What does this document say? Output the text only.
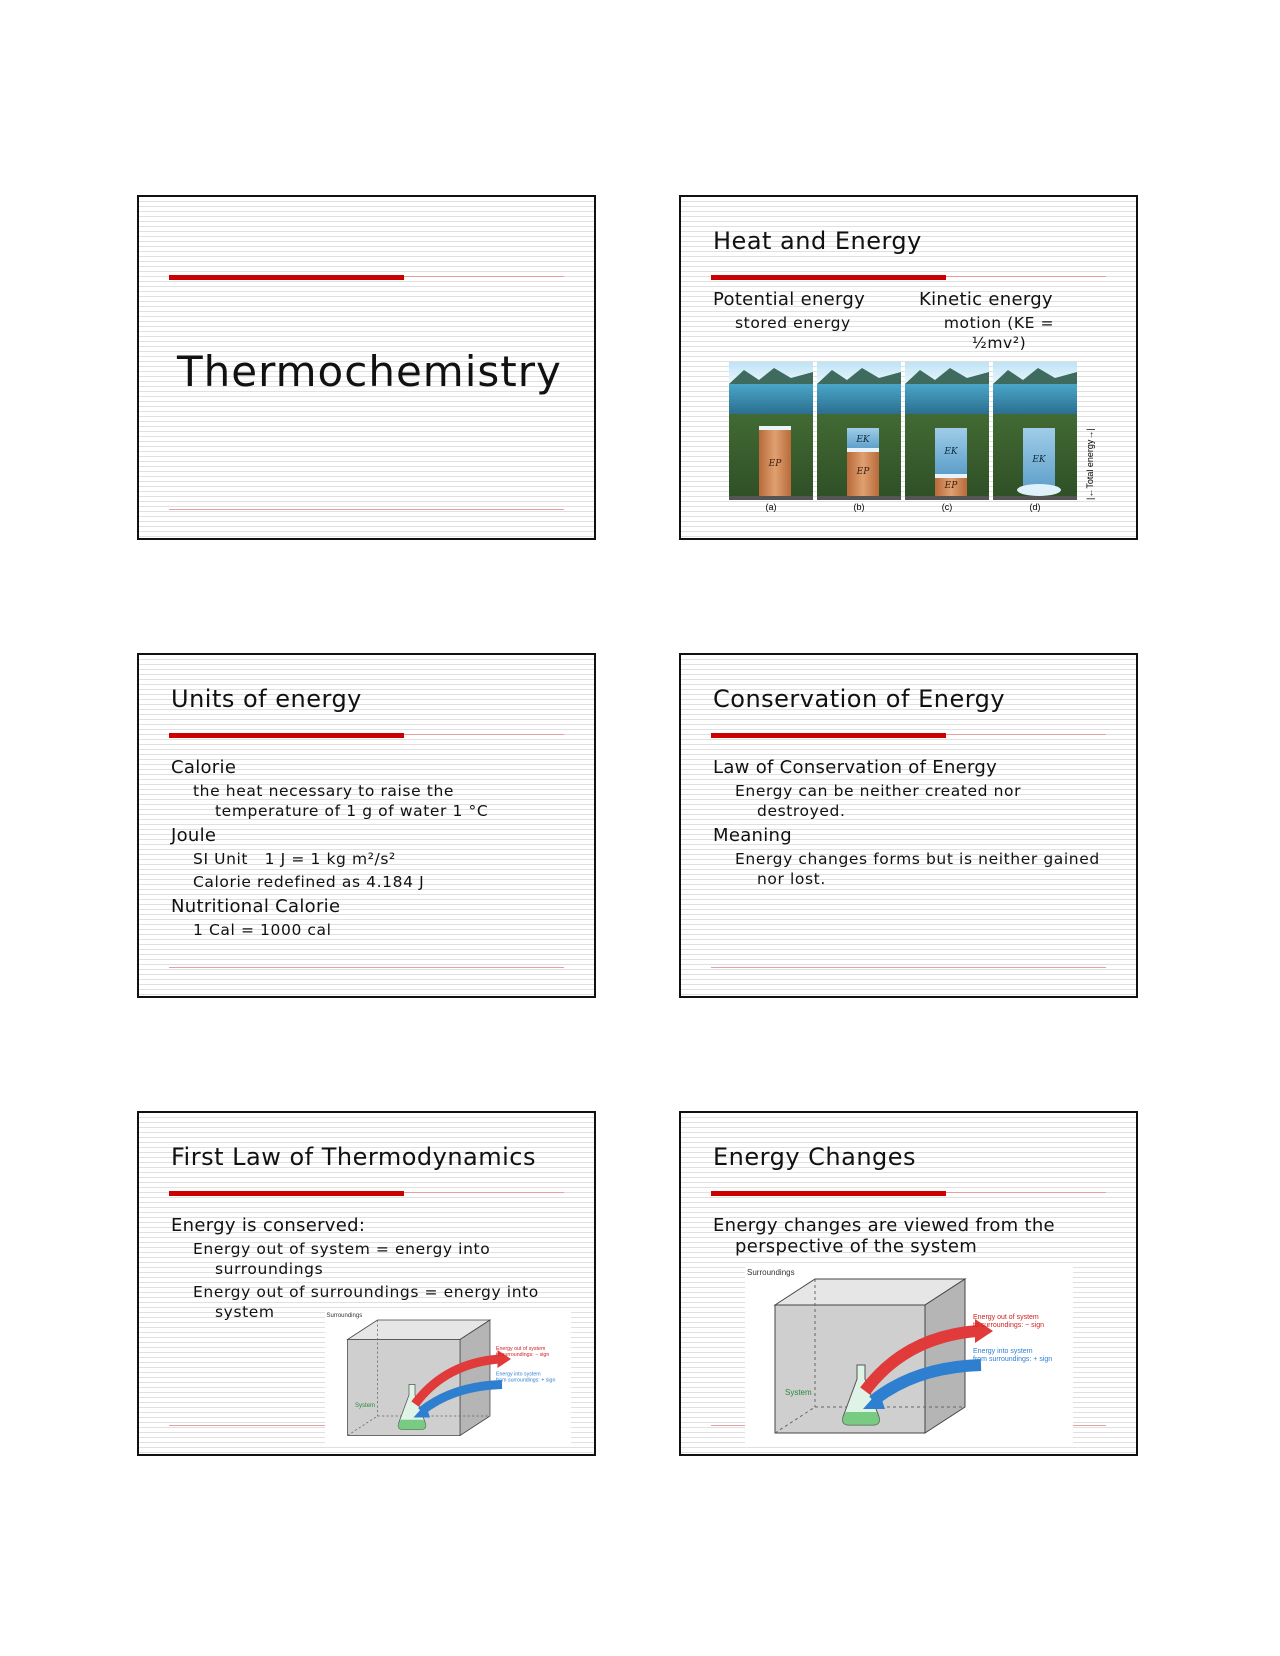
Thermochemistry
Heat and Energy
Potential energy
stored energy
Kinetic energy
motion (KE =
½mv²)
EP
EK
EP
EK
EP
EK
(a)	(b)	(c)	(d)
|←Total energy→|
Units of energy
Calorie
the heat necessary to raise the
temperature of 1 g of water 1 °C
Joule
SI Unit   1 J = 1 kg m²/s²
Calorie redefined as 4.184 J
Nutritional Calorie
1 Cal = 1000 cal
Conservation of Energy
Law of Conservation of Energy
Energy can be neither created nor
destroyed.
Meaning
Energy changes forms but is neither gained
nor lost.
First Law of Thermodynamics
Energy is conserved:
Energy out of system = energy into
surroundings
Energy out of surroundings = energy into
system	Surroundings
System
Energy out of system
to surroundings: − sign
Energy into system
from surroundings: + sign
Energy Changes
Energy changes are viewed from the
perspective of the system
Surroundings
System
Energy out of system
to surroundings: − sign
Energy into system
from surroundings: + sign
